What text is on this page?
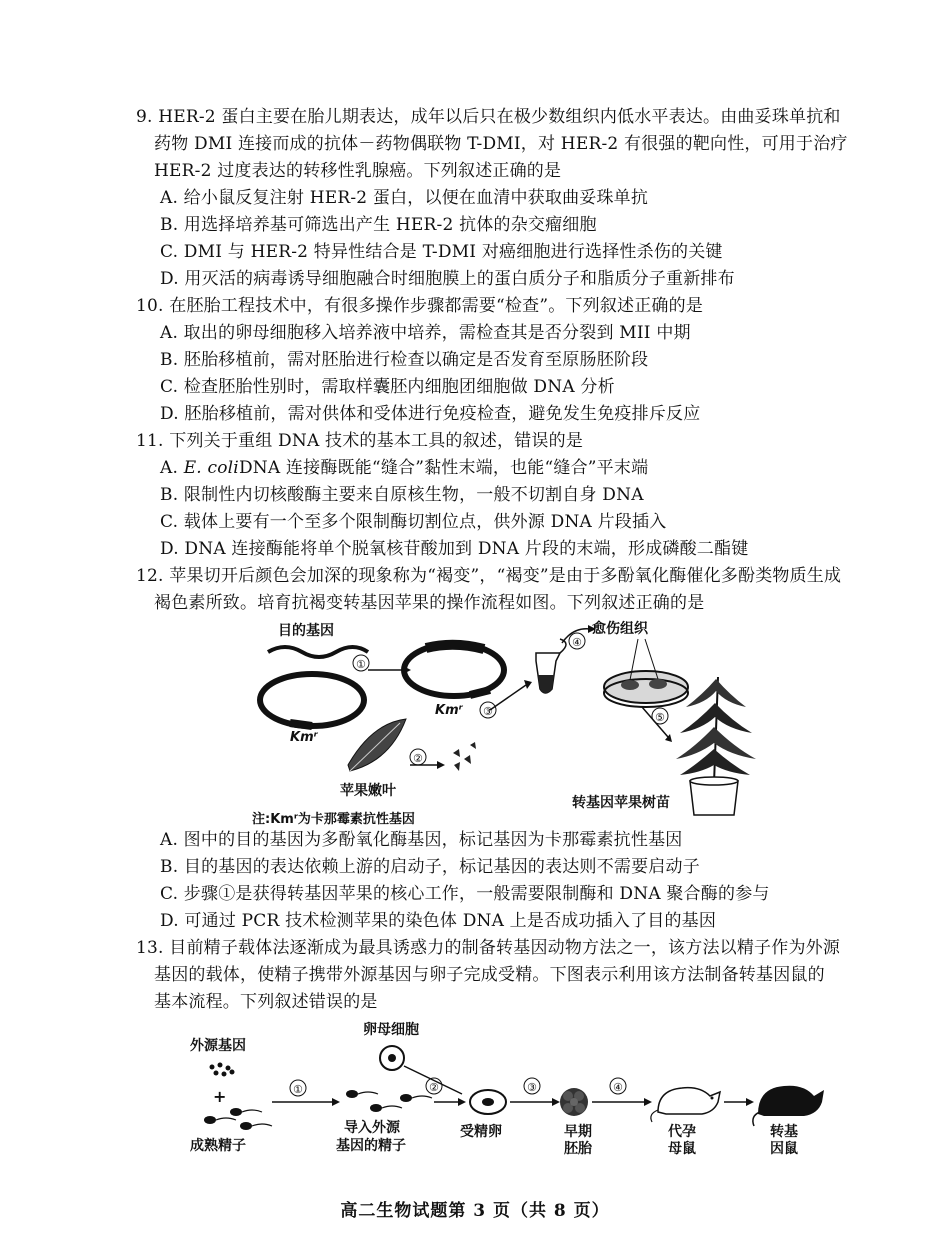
9. HER-2 蛋白主要在胎儿期表达，成年以后只在极少数组织内低水平表达。由曲妥珠单抗和
药物 DMI 连接而成的抗体－药物偶联物 T-DMI，对 HER-2 有很强的靶向性，可用于治疗
HER-2 过度表达的转移性乳腺癌。下列叙述正确的是
A. 给小鼠反复注射 HER-2 蛋白，以便在血清中获取曲妥珠单抗
B. 用选择培养基可筛选出产生 HER-2 抗体的杂交瘤细胞
C. DMI 与 HER-2 特异性结合是 T-DMI 对癌细胞进行选择性杀伤的关键
D. 用灭活的病毒诱导细胞融合时细胞膜上的蛋白质分子和脂质分子重新排布
10. 在胚胎工程技术中，有很多操作步骤都需要“检查”。下列叙述正确的是
A. 取出的卵母细胞移入培养液中培养，需检查其是否分裂到 MII 中期
B. 胚胎移植前，需对胚胎进行检查以确定是否发育至原肠胚阶段
C. 检查胚胎性别时，需取样囊胚内细胞团细胞做 DNA 分析
D. 胚胎移植前，需对供体和受体进行免疫检查，避免发生免疫排斥反应
11. 下列关于重组 DNA 技术的基本工具的叙述，错误的是
A. E. coliDNA 连接酶既能“缝合”黏性末端，也能“缝合”平末端
B. 限制性内切核酸酶主要来自原核生物，一般不切割自身 DNA
C. 载体上要有一个至多个限制酶切割位点，供外源 DNA 片段插入
D. DNA 连接酶能将单个脱氧核苷酸加到 DNA 片段的末端，形成磷酸二酯键
12. 苹果切开后颜色会加深的现象称为“褐变”，“褐变”是由于多酚氧化酶催化多酚类物质生成
褐色素所致。培育抗褐变转基因苹果的操作流程如图。下列叙述正确的是
目的基因
Kmʳ
①
Kmʳ ③
④
愈伤组织
⑤
苹果嫩叶
②
转基因苹果树苗
注:Kmʳ为卡那霉素抗性基因
A. 图中的目的基因为多酚氧化酶基因，标记基因为卡那霉素抗性基因
B. 目的基因的表达依赖上游的启动子，标记基因的表达则不需要启动子
C. 步骤①是获得转基因苹果的核心工作，一般需要限制酶和 DNA 聚合酶的参与
D. 可通过 PCR 技术检测苹果的染色体 DNA 上是否成功插入了目的基因
13. 目前精子载体法逐渐成为最具诱惑力的制备转基因动物方法之一，该方法以精子作为外源
基因的载体，使精子携带外源基因与卵子完成受精。下图表示利用该方法制备转基因鼠的
基本流程。下列叙述错误的是
外源基因
+
成熟精子
①
卵母细胞
导入外源
基因的精子
②
受精卵
③
早期
胚胎
④
代孕
母鼠
转基
因鼠
高二生物试题第 3 页（共 8 页）
